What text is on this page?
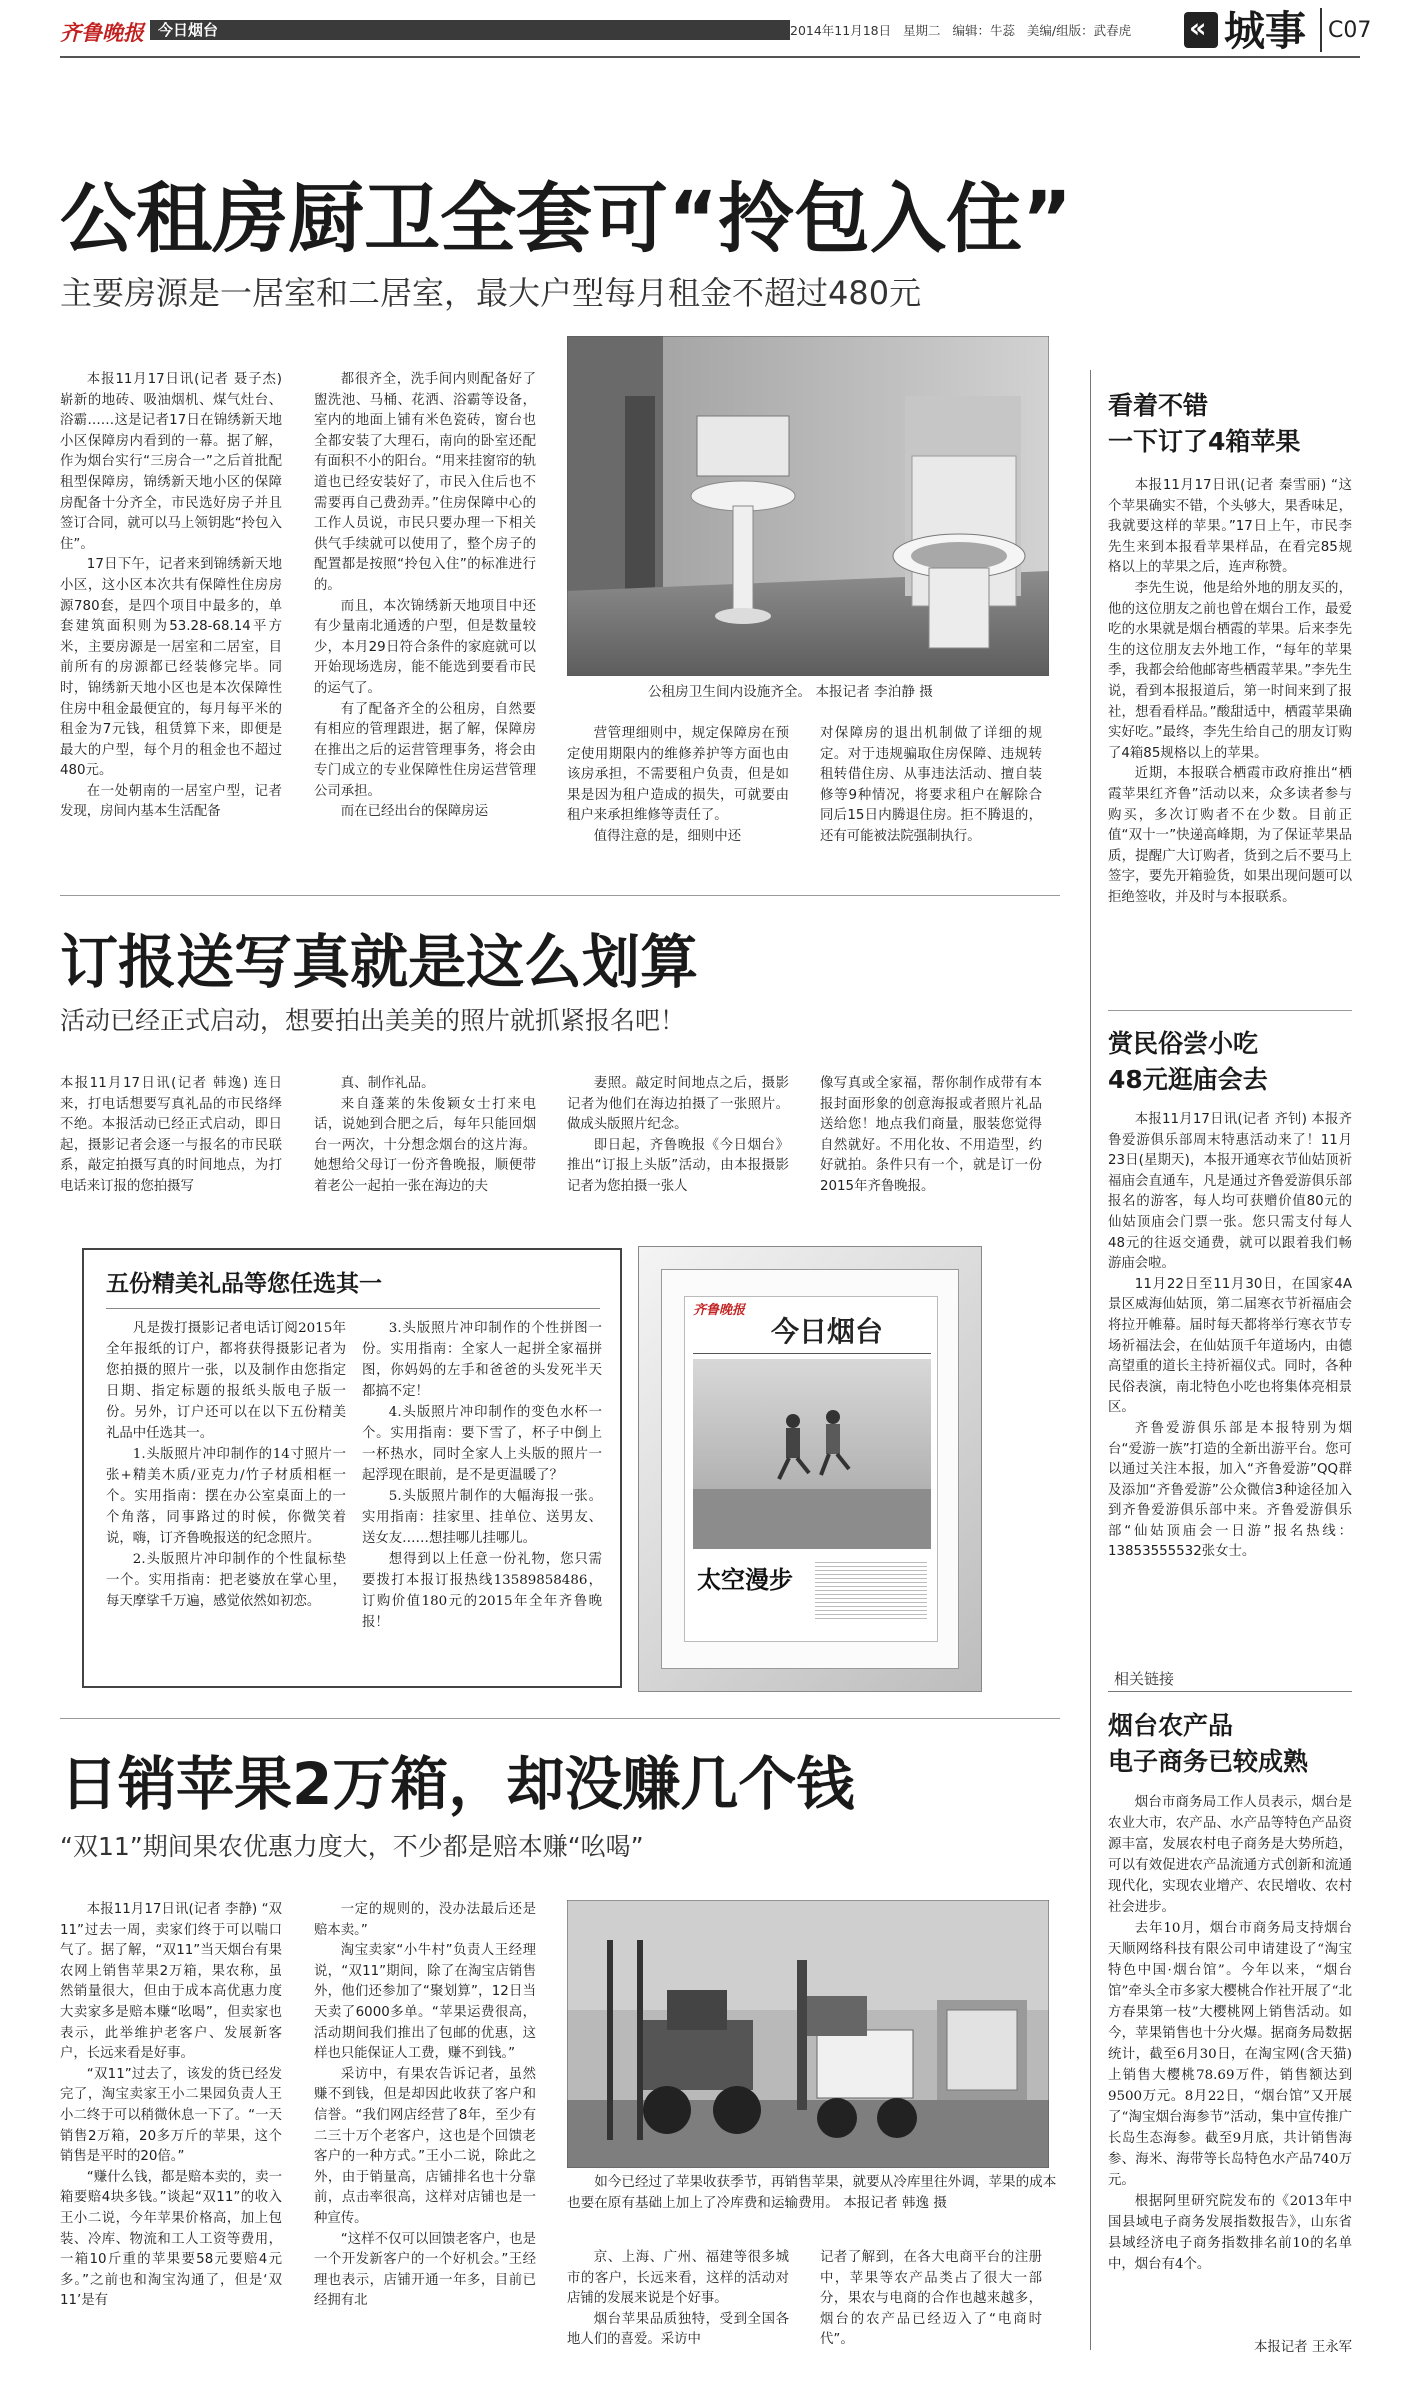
齐鲁晚报 今日烟台	2014年11月18日 星期二 编辑：牛蕊 美编/组版：武春虎	« 城事 C07
公租房厨卫全套可“拎包入住”
主要房源是一居室和二居室，最大户型每月租金不超过480元

本报11月17日讯(记者 聂子杰) 崭新的地砖、吸油烟机、煤气灶台、浴霸……这是记者17日在锦绣新天地小区保障房内看到的一幕。据了解，作为烟台实行“三房合一”之后首批配租型保障房，锦绣新天地小区的保障房配备十分齐全，市民选好房子并且签订合同，就可以马上领钥匙“拎包入住”。

17日下午，记者来到锦绣新天地小区，这小区本次共有保障性住房房源780套，是四个项目中最多的，单套建筑面积则为53.28-68.14平方米，主要房源是一居室和二居室，目前所有的房源都已经装修完毕。同时，锦绣新天地小区也是本次保障性住房中租金最便宜的，每月每平米的租金为7元钱，租赁算下来，即便是最大的户型，每个月的租金也不超过480元。

在一处朝南的一居室户型，记者发现，房间内基本生活配备

都很齐全，洗手间内则配备好了盥洗池、马桶、花洒、浴霸等设备，室内的地面上铺有米色瓷砖，窗台也全都安装了大理石，南向的卧室还配有面积不小的阳台。“用来挂窗帘的轨道也已经安装好了，市民入住后也不需要再自己费劲弄。”住房保障中心的工作人员说，市民只要办理一下相关供气手续就可以使用了，整个房子的配置都是按照“拎包入住”的标准进行的。

而且，本次锦绣新天地项目中还有少量南北通透的户型，但是数量较少，本月29日符合条件的家庭就可以开始现场选房，能不能选到要看市民的运气了。

有了配备齐全的公租房，自然要有相应的管理跟进，据了解，保障房在推出之后的运营管理事务，将会由专门成立的专业保障性住房运营管理公司承担。

而在已经出台的保障房运

公租房卫生间内设施齐全。 本报记者 李泊静 摄

营管理细则中，规定保障房在预定使用期限内的维修养护等方面也由该房承担，不需要租户负责，但是如果是因为租户造成的损失，可就要由租户来承担维修等责任了。

值得注意的是，细则中还

对保障房的退出机制做了详细的规定。对于违规骗取住房保障、违规转租转借住房、从事违法活动、擅自装修等9种情况，将要求租户在解除合同后15日内腾退住房。拒不腾退的，还有可能被法院强制执行。
看着不错
一下订了4箱苹果

本报11月17日讯(记者 秦雪丽) “这个苹果确实不错，个头够大，果香味足，我就要这样的苹果。”17日上午，市民李先生来到本报看苹果样品，在看完85规格以上的苹果之后，连声称赞。

李先生说，他是给外地的朋友买的，他的这位朋友之前也曾在烟台工作，最爱吃的水果就是烟台栖霞的苹果。后来李先生的这位朋友去外地工作，“每年的苹果季，我都会给他邮寄些栖霞苹果。”李先生说，看到本报报道后，第一时间来到了报社，想看看样品。”酸甜适中，栖霞苹果确实好吃。”最终，李先生给自己的朋友订购了4箱85规格以上的苹果。

近期，本报联合栖霞市政府推出“栖霞苹果红齐鲁”活动以来，众多读者参与购买，多次订购者不在少数。目前正值“双十一”快递高峰期，为了保证苹果品质，提醒广大订购者，货到之后不要马上签字，要先开箱验货，如果出现问题可以拒绝签收，并及时与本报联系。

订报送写真就是这么划算
活动已经正式启动，想要拍出美美的照片就抓紧报名吧！
本报11月17日讯(记者 韩逸) 连日来，打电话想要写真礼品的市民络绎不绝。本报活动已经正式启动，即日起，摄影记者会逐一与报名的市民联系，敲定拍摄写真的时间地点，为打电话来订报的您拍摄写

真、制作礼品。

来自蓬莱的朱俊颖女士打来电话，说她到合肥之后，每年只能回烟台一两次，十分想念烟台的这片海。她想给父母订一份齐鲁晚报，顺便带着老公一起拍一张在海边的夫

妻照。敲定时间地点之后，摄影记者为他们在海边拍摄了一张照片。做成头版照片纪念。

即日起，齐鲁晚报《今日烟台》推出“订报上头版”活动，由本报摄影记者为您拍摄一张人

像写真或全家福，帮你制作成带有本报封面形象的创意海报或者照片礼品送给您！地点我们商量，服装您觉得自然就好。不用化妆、不用造型，约好就拍。条件只有一个，就是订一份2015年齐鲁晚报。
五份精美礼品等您任选其一

凡是拨打摄影记者电话订阅2015年全年报纸的订户，都将获得摄影记者为您拍摄的照片一张，以及制作由您指定日期、指定标题的报纸头版电子版一份。另外，订户还可以在以下五份精美礼品中任选其一。

1.头版照片冲印制作的14寸照片一张+精美木质/亚克力/竹子材质相框一个。实用指南：摆在办公室桌面上的一个角落，同事路过的时候，你微笑着说，嗨，订齐鲁晚报送的纪念照片。

2.头版照片冲印制作的个性鼠标垫一个。实用指南：把老婆放在掌心里，每天摩挲千万遍，感觉依然如初恋。

3.头版照片冲印制作的个性拼图一份。实用指南：全家人一起拼全家福拼图，你妈妈的左手和爸爸的头发死半天都搞不定！

4.头版照片冲印制作的变色水杯一个。实用指南：要下雪了，杯子中倒上一杯热水，同时全家人上头版的照片一起浮现在眼前，是不是更温暖了？

5.头版照片制作的大幅海报一张。实用指南：挂家里、挂单位、送男友、送女友……想挂哪儿挂哪儿。

想得到以上任意一份礼物，您只需要拨打本报订报热线13589858486，订购价值180元的2015年全年齐鲁晚报！

齐鲁晚报
今日烟台
太空漫步
赏民俗尝小吃
48元逛庙会去

本报11月17日讯(记者 齐钊) 本报齐鲁爱游俱乐部周末特惠活动来了！11月23日(星期天)，本报开通寒衣节仙姑顶祈福庙会直通车，凡是通过齐鲁爱游俱乐部报名的游客，每人均可获赠价值80元的仙姑顶庙会门票一张。您只需支付每人48元的往返交通费，就可以跟着我们畅游庙会啦。

11月22日至11月30日，在国家4A景区威海仙姑顶，第二届寒衣节祈福庙会将拉开帷幕。届时每天都将举行寒衣节专场祈福法会，在仙姑顶千年道场内，由德高望重的道长主持祈福仪式。同时，各种民俗表演，南北特色小吃也将集体亮相景区。

齐鲁爱游俱乐部是本报特别为烟台“爱游一族”打造的全新出游平台。您可以通过关注本报，加入“齐鲁爱游”QQ群及添加“齐鲁爱游”公众微信3种途径加入到齐鲁爱游俱乐部中来。齐鲁爱游俱乐部“仙姑顶庙会一日游”报名热线：13853555532张女士。

相关链接
烟台农产品
电子商务已较成熟

烟台市商务局工作人员表示，烟台是农业大市，农产品、水产品等特色产品资源丰富，发展农村电子商务是大势所趋，可以有效促进农产品流通方式创新和流通现代化，实现农业增产、农民增收、农村社会进步。

去年10月，烟台市商务局支持烟台天顺网络科技有限公司申请建设了“淘宝特色中国·烟台馆”。今年以来，“烟台馆”牵头全市多家大樱桃合作社开展了“北方春果第一枝”大樱桃网上销售活动。如今，苹果销售也十分火爆。据商务局数据统计，截至6月30日，在淘宝网(含天猫)上销售大樱桃78.69万件，销售额达到9500万元。8月22日，“烟台馆”又开展了“淘宝烟台海参节”活动，集中宣传推广长岛生态海参。截至9月底，共计销售海参、海米、海带等长岛特色水产品740万元。

根据阿里研究院发布的《2013年中国县域电子商务发展指数报告》，山东省县域经济电子商务指数排名前10的名单中，烟台有4个。

本报记者 王永军
日销苹果2万箱，却没赚几个钱
“双11”期间果农优惠力度大，不少都是赔本赚“吆喝”

本报11月17日讯(记者 李静) “双11”过去一周，卖家们终于可以喘口气了。据了解，“双11”当天烟台有果农网上销售苹果2万箱，果农称，虽然销量很大，但由于成本高优惠力度大卖家多是赔本赚“吆喝”，但卖家也表示，此举维护老客户、发展新客户，长远来看是好事。

“双11”过去了，该发的货已经发完了，淘宝卖家王小二果园负责人王小二终于可以稍微休息一下了。“一天销售2万箱，20多万斤的苹果，这个销售是平时的20倍。”

“赚什么钱，都是赔本卖的，卖一箱要赔4块多钱。”谈起“双11”的收入王小二说，今年苹果价格高，加上包装、冷库、物流和工人工资等费用，一箱10斤重的苹果要58元要赔4元多。”之前也和淘宝沟通了，但是‘双11’是有

一定的规则的，没办法最后还是赔本卖。”

淘宝卖家“小牛村”负责人王经理说，“双11”期间，除了在淘宝店销售外，他们还参加了“聚划算”，12日当天卖了6000多单。“苹果运费很高，活动期间我们推出了包邮的优惠，这样也只能保证人工费，赚不到钱。”

采访中，有果农告诉记者，虽然赚不到钱，但是却因此收获了客户和信誉。“我们网店经营了8年，至少有二三十万个老客户，这也是个回馈老客户的一种方式。”王小二说，除此之外，由于销量高，店铺排名也十分靠前，点击率很高，这样对店铺也是一种宣传。

“这样不仅可以回馈老客户，也是一个开发新客户的一个好机会。”王经理也表示，店铺开通一年多，目前已经拥有北

如今已经过了苹果收获季节，再销售苹果，就要从冷库里往外调，苹果的成本也要在原有基础上加上了冷库费和运输费用。 本报记者 韩逸 摄

京、上海、广州、福建等很多城市的客户，长远来看，这样的活动对店铺的发展来说是个好事。

烟台苹果品质独特，受到全国各地人们的喜爱。采访中

记者了解到，在各大电商平台的注册中，苹果等农产品类占了很大一部分，果农与电商的合作也越来越多，烟台的农产品已经迈入了“电商时代”。
